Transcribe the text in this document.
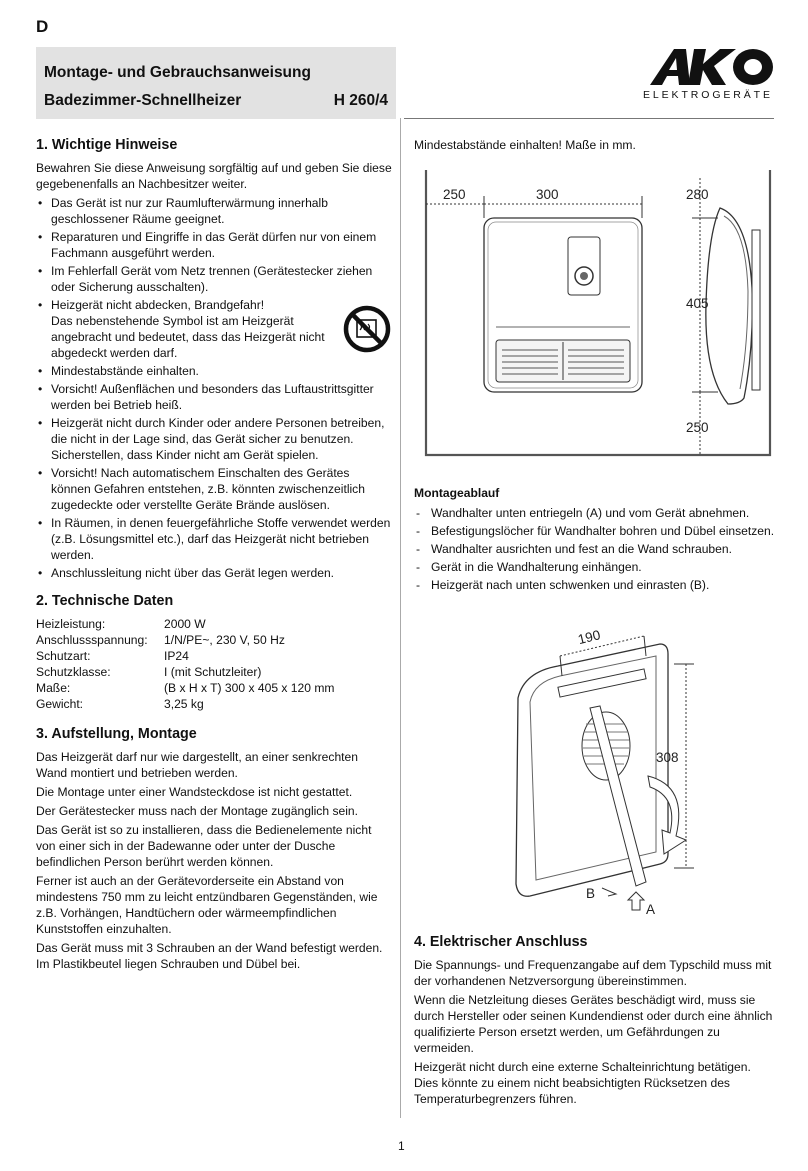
D
Montage- und Gebrauchsanweisung
Badezimmer-Schnellheizer	H 260/4
AKO
ELEKTROGERÄTE
1. Wichtige Hinweise

Bewahren Sie diese Anweisung sorgfältig auf und geben Sie diese gegebenenfalls an Nachbesitzer weiter.

• Das Gerät ist nur zur Raumlufterwärmung innerhalb geschlossener Räume geeignet.
• Reparaturen und Eingriffe in das Gerät dürfen nur von einem Fachmann ausgeführt werden.
• Im Fehlerfall Gerät vom Netz trennen (Gerätestecker ziehen oder Sicherung ausschalten).
• Heizgerät nicht abdecken, Brandgefahr!
Das nebenstehende Symbol ist am Heizgerät angebracht und bedeutet, dass das Heizgerät nicht abgedeckt werden darf.
• Mindestabstände einhalten.
• Vorsicht! Außenflächen und besonders das Luftaustrittsgitter werden bei Betrieb heiß.
• Heizgerät nicht durch Kinder oder andere Personen betreiben, die nicht in der Lage sind, das Gerät sicher zu benutzen. Sicherstellen, dass Kinder nicht am Gerät spielen.
• Vorsicht! Nach automatischem Einschalten des Gerätes können Gefahren entstehen, z.B. könnten zwischenzeitlich zugedeckte oder verstellte Geräte Brände auslösen.
• In Räumen, in denen feuergefährliche Stoffe verwendet werden (z.B. Lösungsmittel etc.), darf das Heizgerät nicht betrieben werden.
• Anschlussleitung nicht über das Gerät legen werden.
2. Technische Daten
Heizleistung:	2000 W
Anschlussspannung:	1/N/PE~, 230 V, 50 Hz
Schutzart:	IP24
Schutzklasse:	I (mit Schutzleiter)
Maße:	(B x H x T) 300 x 405 x 120 mm
Gewicht:	3,25 kg
3. Aufstellung, Montage

Das Heizgerät darf nur wie dargestellt, an einer senkrechten Wand montiert und betrieben werden.

Die Montage unter einer Wandsteckdose ist nicht gestattet.

Der Gerätestecker muss nach der Montage zugänglich sein.

Das Gerät ist so zu installieren, dass die Bedienelemente nicht von einer sich in der Badewanne oder unter der Dusche befindlichen Person berührt werden können.

Ferner ist auch an der Gerätevorderseite ein Abstand von mindestens 750 mm zu leicht entzündbaren Gegenständen, wie z.B. Vorhängen, Handtüchern oder wärmeempfindlichen Kunststoffen einzuhalten.

Das Gerät muss mit 3 Schrauben an der Wand befestigt werden. Im Plastikbeutel liegen Schrauben und Dübel bei.

Mindestabstände einhalten! Maße in mm.

250	300	280
405
250
Montageablauf
- Wandhalter unten entriegeln (A) und vom Gerät abnehmen.
- Befestigungslöcher für Wandhalter bohren und Dübel einsetzen.
- Wandhalter ausrichten und fest an die Wand schrauben.
- Gerät in die Wandhalterung einhängen.
- Heizgerät nach unten schwenken und einrasten (B).
190
308
A
B
4. Elektrischer Anschluss

Die Spannungs- und Frequenzangabe auf dem Typschild muss mit der vorhandenen Netzversorgung übereinstimmen.

Wenn die Netzleitung dieses Gerätes beschädigt wird, muss sie durch Hersteller oder seinen Kundendienst oder durch eine ähnlich qualifizierte Person ersetzt werden, um Gefährdungen zu vermeiden.

Heizgerät nicht durch eine externe Schalteinrichtung betätigen. Dies könnte zu einem nicht beabsichtigten Rücksetzen des Temperaturbegrenzers führen.

1
